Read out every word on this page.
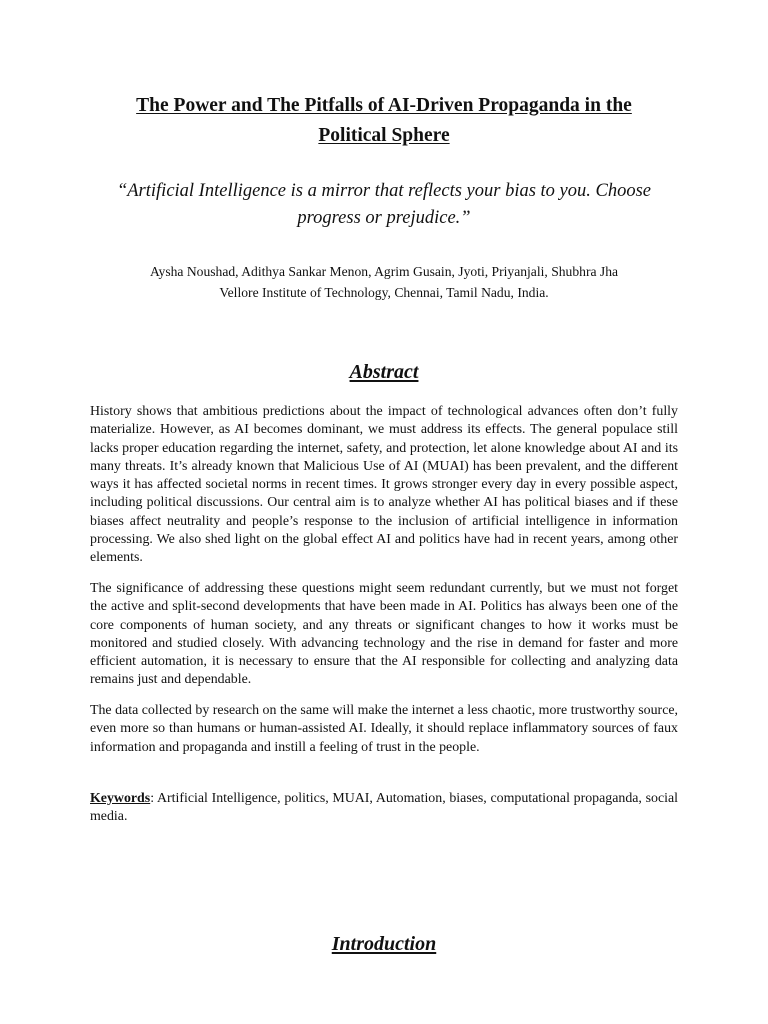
The Power and The Pitfalls of AI-Driven Propaganda in the
Political Sphere
“Artificial Intelligence is a mirror that reflects your bias to you. Choose
progress or prejudice.”
Aysha Noushad, Adithya Sankar Menon, Agrim Gusain, Jyoti, Priyanjali, Shubhra Jha
Vellore Institute of Technology, Chennai, Tamil Nadu, India.
Abstract

History shows that ambitious predictions about the impact of technological advances often don’t fully materialize. However, as AI becomes dominant, we must address its effects. The general populace still lacks proper education regarding the internet, safety, and protection, let alone knowledge about AI and its many threats. It’s already known that Malicious Use of AI (MUAI) has been prevalent, and the different ways it has affected societal norms in recent times. It grows stronger every day in every possible aspect, including political discussions. Our central aim is to analyze whether AI has political biases and if these biases affect neutrality and people’s response to the inclusion of artificial intelligence in information processing. We also shed light on the global effect AI and politics have had in recent years, among other elements.

The significance of addressing these questions might seem redundant currently, but we must not forget the active and split-second developments that have been made in AI. Politics has always been one of the core components of human society, and any threats or significant changes to how it works must be monitored and studied closely. With advancing technology and the rise in demand for faster and more efficient automation, it is necessary to ensure that the AI responsible for collecting and analyzing data remains just and dependable.

The data collected by research on the same will make the internet a less chaotic, more trustworthy source, even more so than humans or human-assisted AI. Ideally, it should replace inflammatory sources of faux information and propaganda and instill a feeling of trust in the people.

Keywords: Artificial Intelligence, politics, MUAI, Automation, biases, computational propaganda, social media.

Introduction
